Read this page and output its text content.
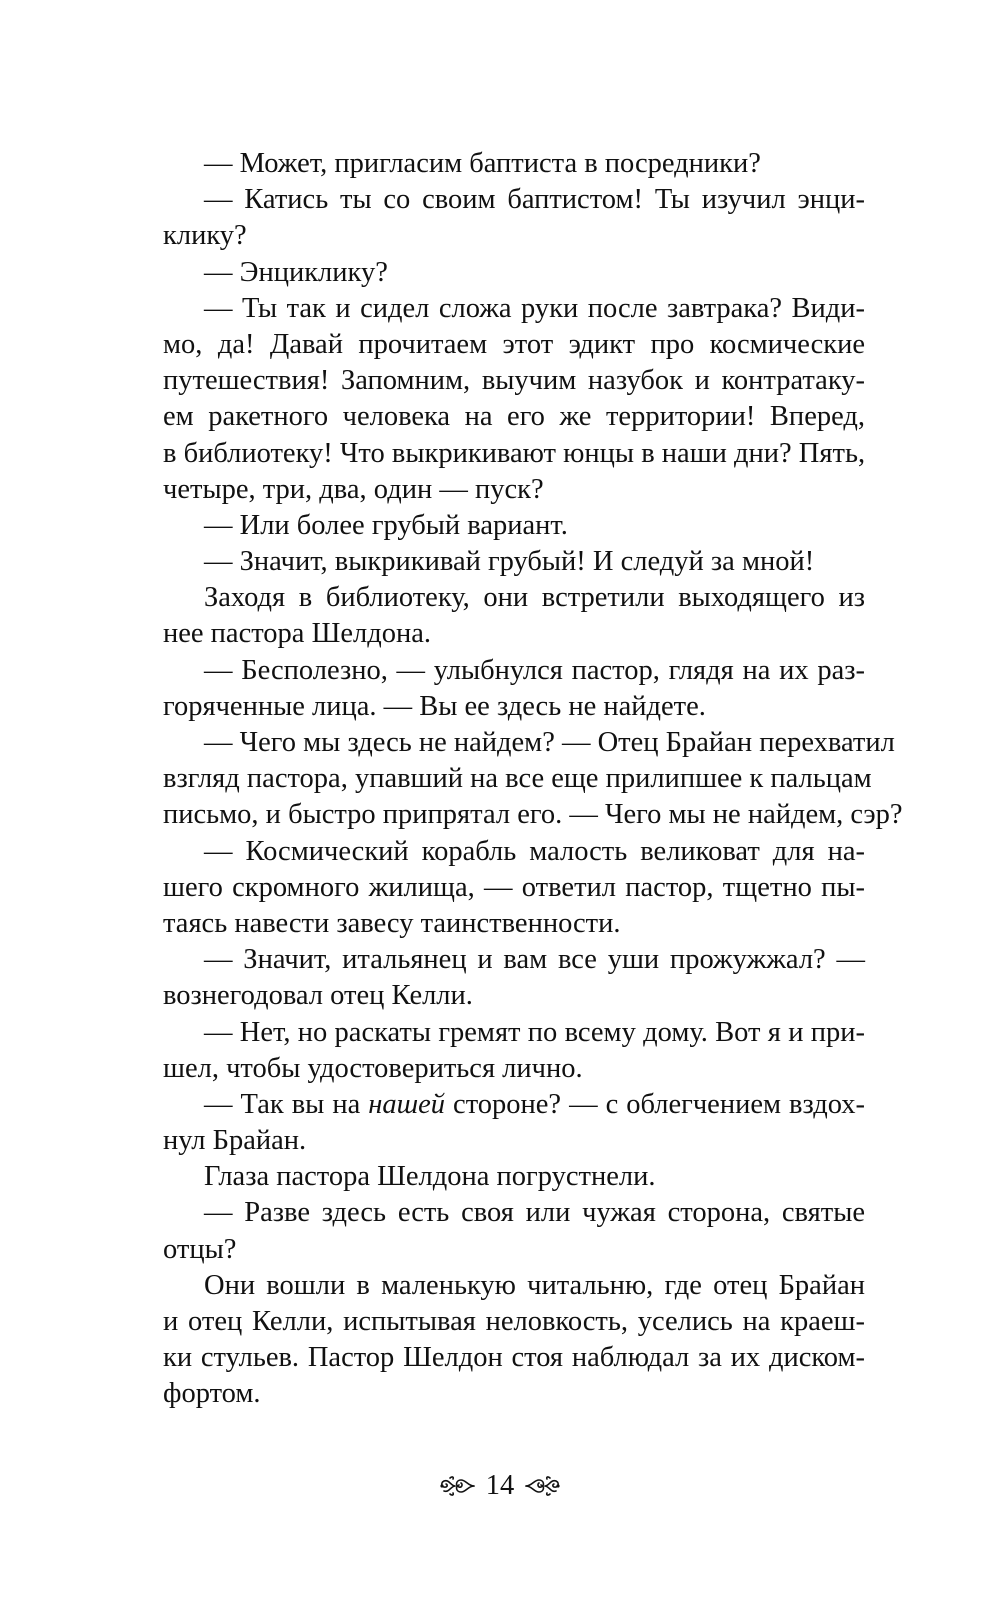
— Может, пригласим баптиста в посредники?
— Катись ты со своим баптистом! Ты изучил энци-
клику?
— Энциклику?
— Ты так и сидел сложа руки после завтрака? Види-
мо, да! Давай прочитаем этот эдикт про космические
путешествия! Запомним, выучим назубок и контратаку-
ем ракетного человека на его же территории! Вперед,
в библиотеку! Что выкрикивают юнцы в наши дни? Пять,
четыре, три, два, один — пуск?
— Или более грубый вариант.
— Значит, выкрикивай грубый! И следуй за мной!
Заходя в библиотеку, они встретили выходящего из
нее пастора Шелдона.
— Бесполезно, — улыбнулся пастор, глядя на их раз-
горяченные лица. — Вы ее здесь не найдете.
— Чего мы здесь не найдем? — Отец Брайан перехватил
взгляд пастора, упавший на все еще прилипшее к пальцам
письмо, и быстро припрятал его. — Чего мы не найдем, сэр?
— Космический корабль малость великоват для на-
шего скромного жилища, — ответил пастор, тщетно пы-
таясь навести завесу таинственности.
— Значит, итальянец и вам все уши прожужжал? —
вознегодовал отец Келли.
— Нет, но раскаты гремят по всему дому. Вот я и при-
шел, чтобы удостовериться лично.
— Так вы на нашей стороне? — с облегчением вздох-
нул Брайан.
Глаза пастора Шелдона погрустнели.
— Разве здесь есть своя или чужая сторона, святые
отцы?
Они вошли в маленькую читальню, где отец Брайан
и отец Келли, испытывая неловкость, уселись на краеш-
ки стульев. Пастор Шелдон стоя наблюдал за их диском-
фортом.
14
